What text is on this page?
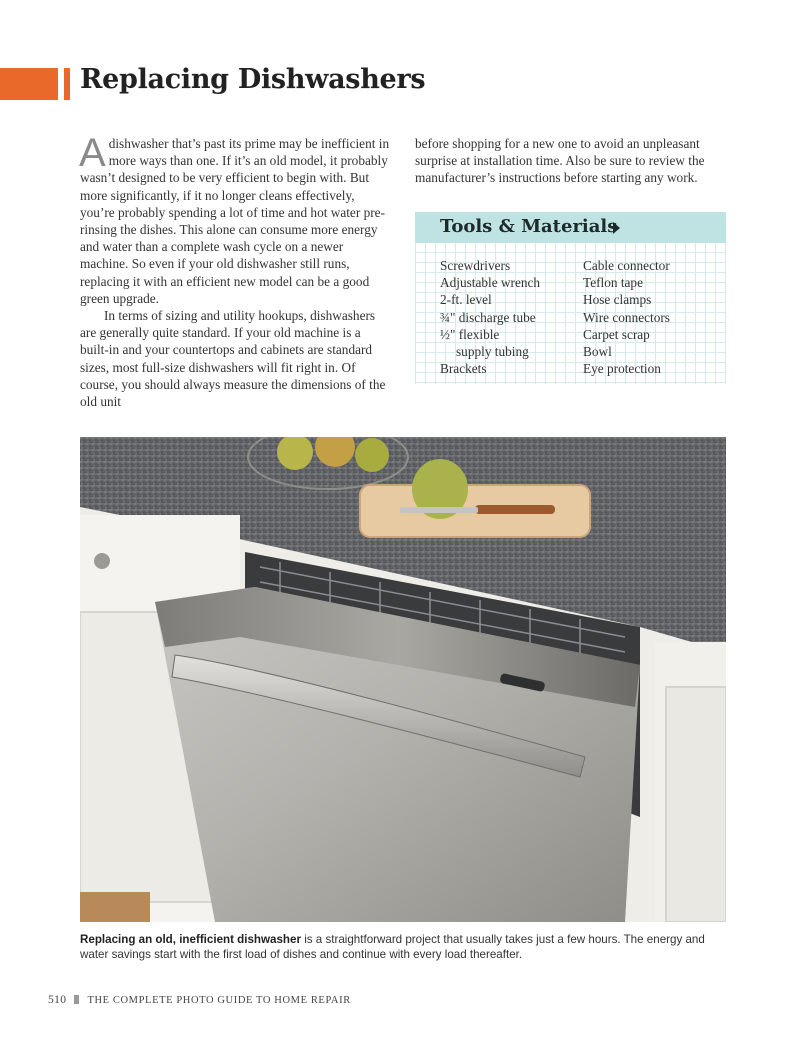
Replacing Dishwashers

Adishwasher that’s past its prime may be inefficient in more ways than one. If it’s an old model, it probably wasn’t designed to be very efficient to begin with. But more significantly, if it no longer cleans effectively, you’re probably spending a lot of time and hot water pre-rinsing the dishes. This alone can consume more energy and water than a complete wash cycle on a newer machine. So even if your old dishwasher still runs, replacing it with an efficient new model can be a good green upgrade.

In terms of sizing and utility hookups, dishwashers are generally quite standard. If your old machine is a built-in and your countertops and cabinets are standard sizes, most full-size dishwashers will fit right in. Of course, you should always measure the dimensions of the old unit

before shopping for a new one to avoid an unpleasant surprise at installation time. Also be sure to review the manufacturer’s instructions before starting any work.

Tools & Materials
Screwdrivers
Adjustable wrench
2-ft. level
¾" discharge tube
½" flexible
supply tubing
Brackets
Cable connector
Teflon tape
Hose clamps
Wire connectors
Carpet scrap
Bowl
Eye protection

Replacing an old, inefficient dishwasher is a straightforward project that usually takes just a few hours. The energy and water savings start with the first load of dishes and continue with every load thereafter.

510 THE COMPLETE PHOTO GUIDE TO HOME REPAIR
